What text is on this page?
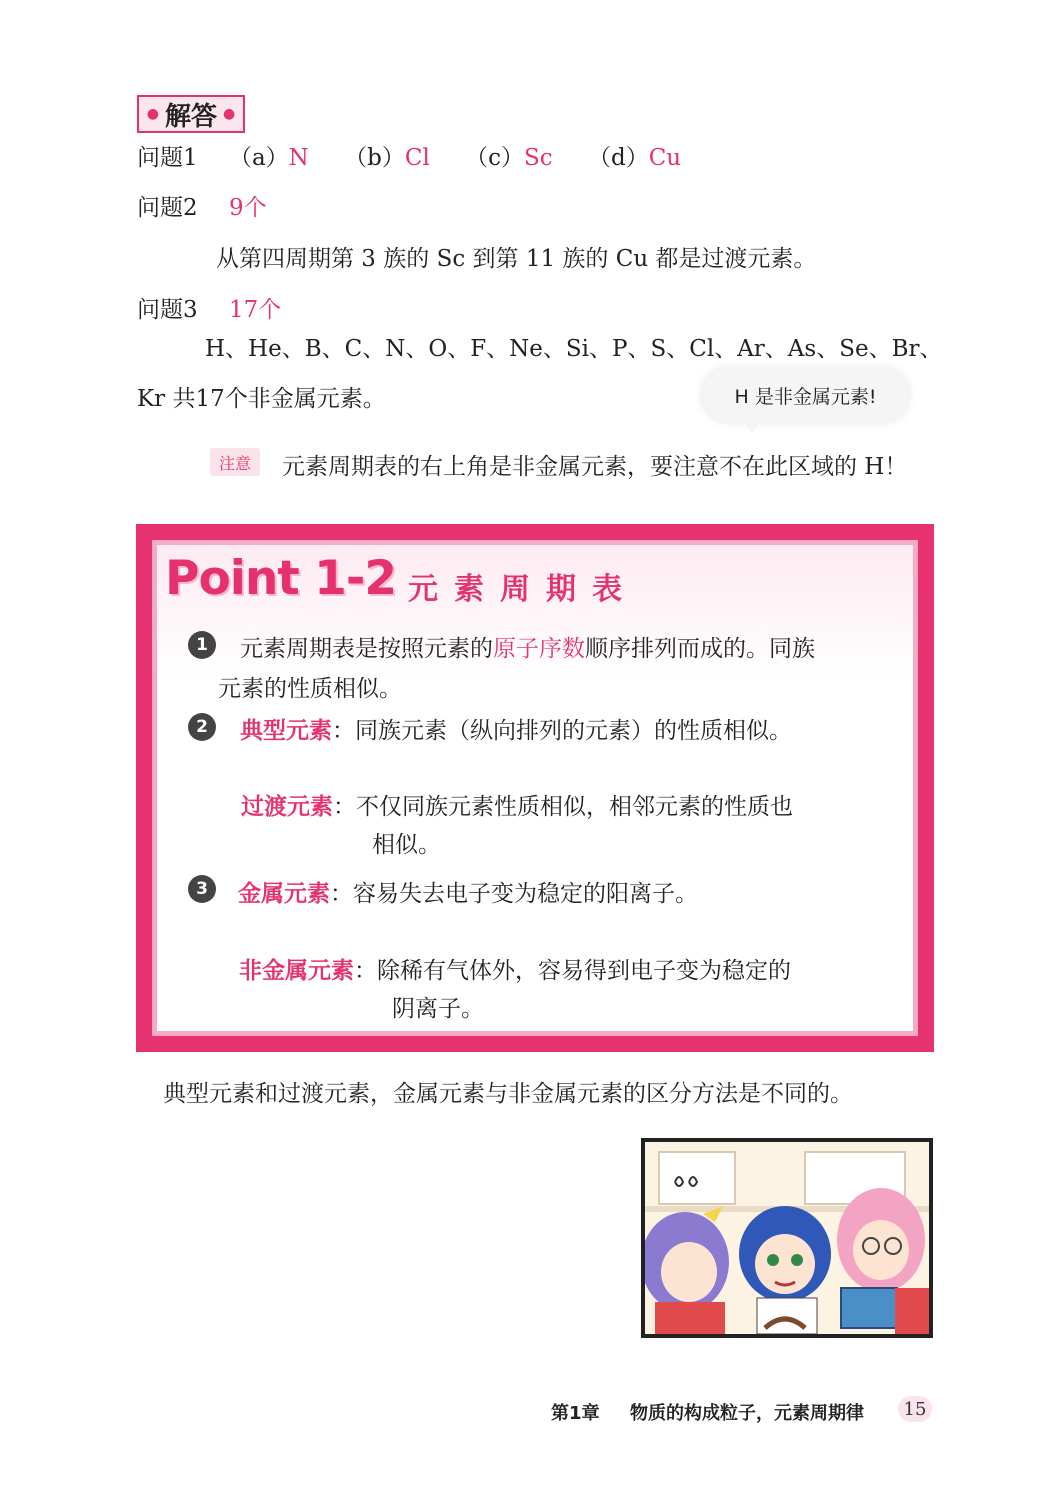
● 解答 ●
问题1 （a）N （b）Cl （c）Sc （d）Cu
问题2 9个
从第四周期第 3 族的 Sc 到第 11 族的 Cu 都是过渡元素。
问题3 17个
H、He、B、C、N、O、F、Ne、Si、P、S、Cl、Ar、As、Se、Br、
Kr 共17个非金属元素。	H 是非金属元素!
注意	元素周期表的右上角是非金属元素，要注意不在此区域的 H！
Point 1-2 元素周期表
1	元素周期表是按照元素的原子序数顺序排列而成的。同族
元素的性质相似。
2	典型元素：同族元素（纵向排列的元素）的性质相似。
过渡元素：不仅同族元素性质相似，相邻元素的性质也
相似。
3	金属元素：容易失去电子变为稳定的阳离子。
非金属元素：除稀有气体外，容易得到电子变为稳定的
阴离子。
典型元素和过渡元素，金属元素与非金属元素的区分方法是不同的。
第1章 物质的构成粒子，元素周期律	15
